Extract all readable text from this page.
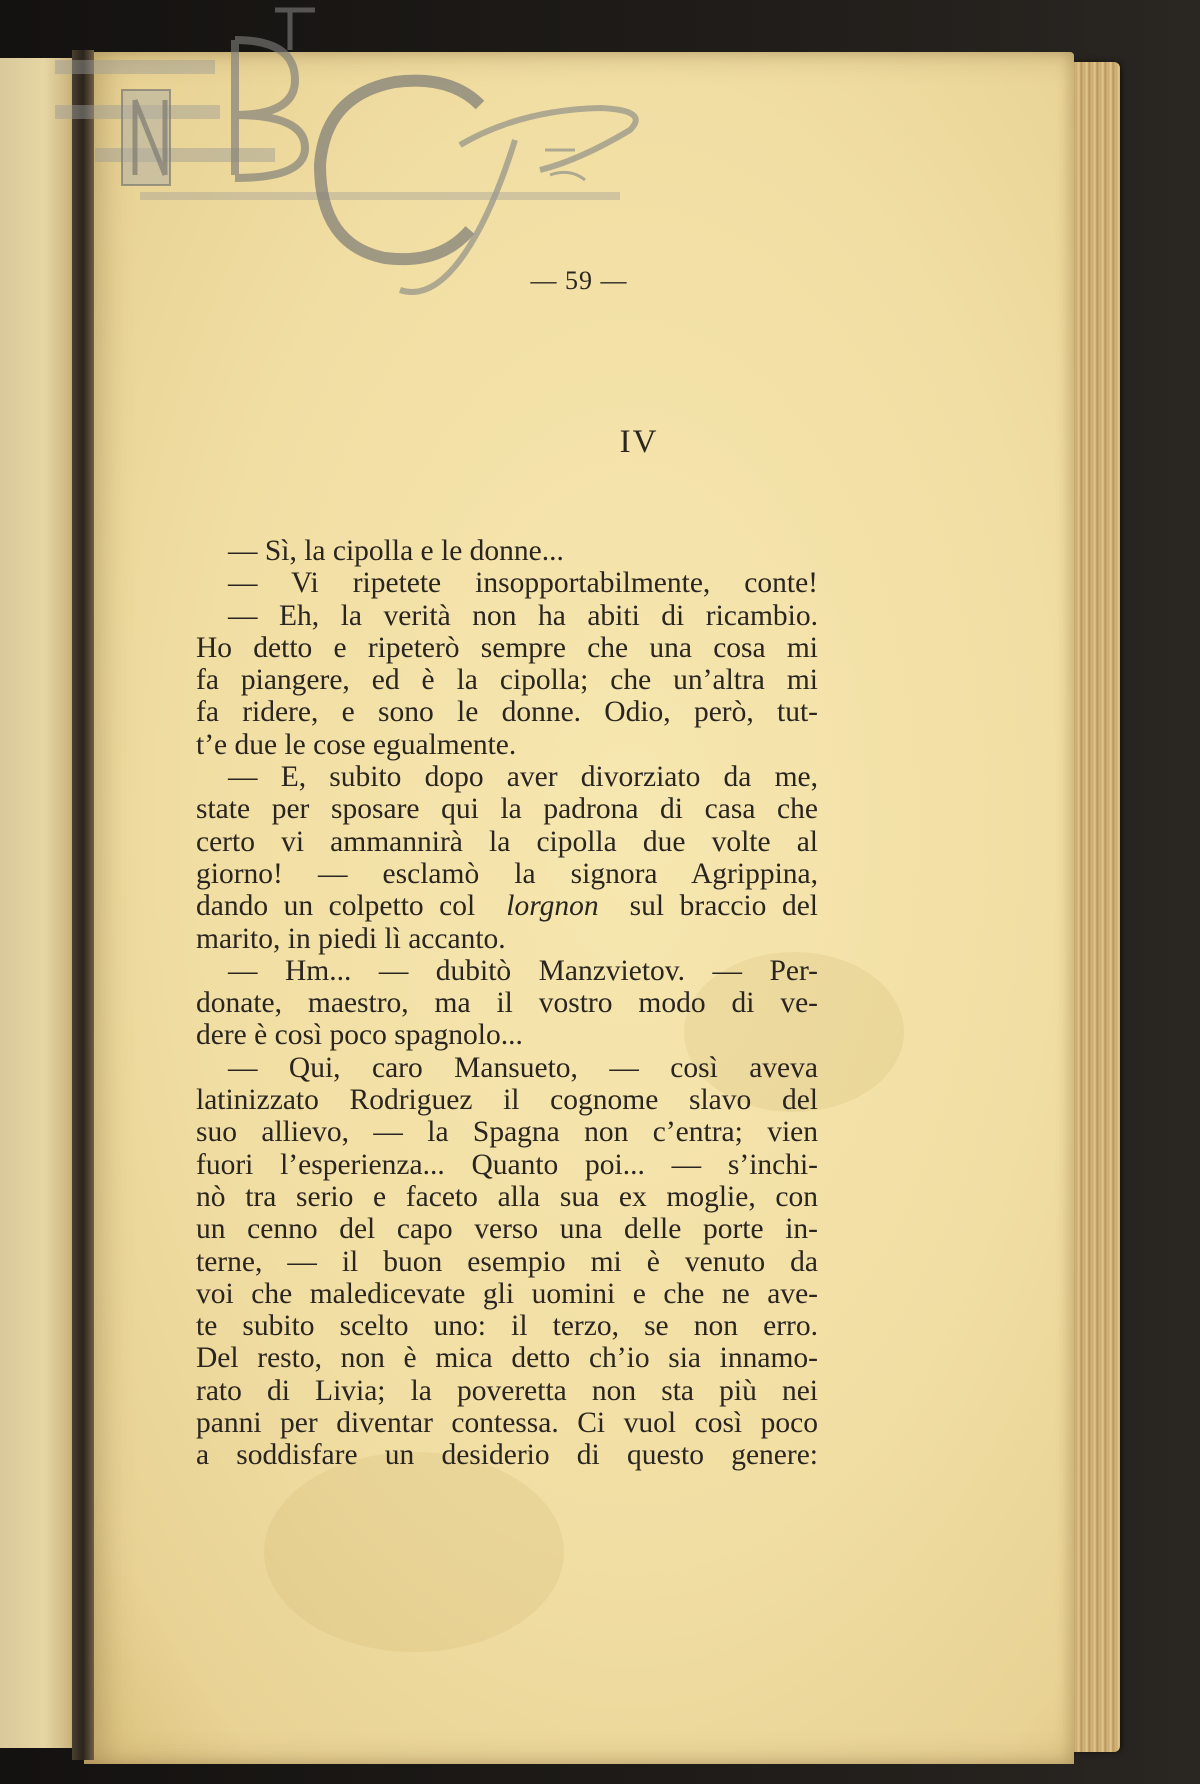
— 59 —
IV
— Sì, la cipolla e le donne...
— Vi ripetete insopportabilmente, conte!
— Eh, la verità non ha abiti di ricambio.
Ho detto e ripeterò sempre che una cosa mi
fa piangere, ed è la cipolla; che un’altra mi
fa ridere, e sono le donne. Odio, però, tut-
t’e due le cose egualmente.
— E, subito dopo aver divorziato da me,
state per sposare qui la padrona di casa che
certo vi ammannirà la cipolla due volte al
giorno! — esclamò la signora Agrippina,
dando un colpetto col  lorgnon  sul braccio del
marito, in piedi lì accanto.
— Hm... — dubitò Manzvietov. — Per-
donate, maestro, ma il vostro modo di ve-
dere è così poco spagnolo...
— Qui, caro Mansueto, — così aveva
latinizzato Rodriguez il cognome slavo del
suo allievo, — la Spagna non c’entra; vien
fuori l’esperienza... Quanto poi... — s’inchi-
nò tra serio e faceto alla sua ex moglie, con
un cenno del capo verso una delle porte in-
terne, — il buon esempio mi è venuto da
voi che maledicevate gli uomini e che ne ave-
te subito scelto uno: il terzo, se non erro.
Del resto, non è mica detto ch’io sia innamo-
rato di Livia; la poveretta non sta più nei
panni per diventar contessa. Ci vuol così poco
a soddisfare un desiderio di questo genere:
